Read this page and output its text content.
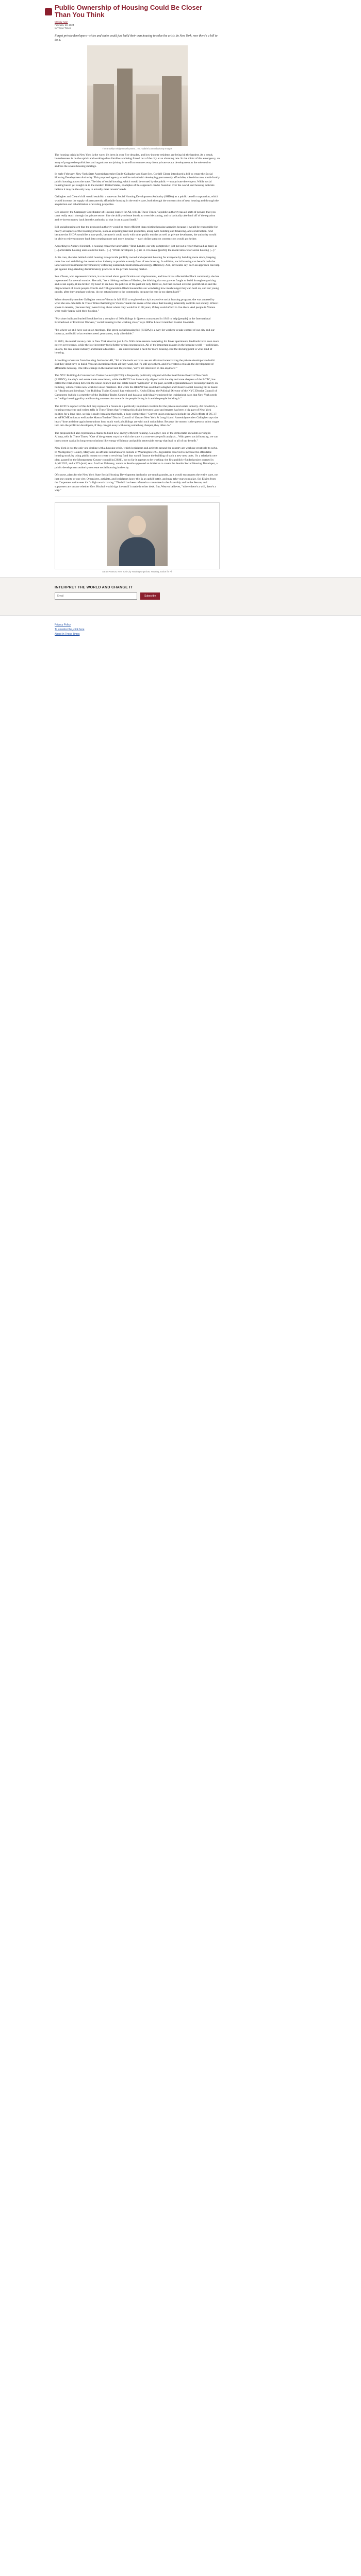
Public Ownership of Housing Could Be Closer Than You Think
Melody Iwan
February 13, 2024
In These Times

Forget private developers—cities and states could just build their own housing to solve the crisis. In New York, now there's a bill to do it.

The Brooklyn Bridge Development... etc. Gabriel Lumumba/Getty Images

The housing crisis in New York is the worst it's been in over five decades, and low-income residents are being hit the hardest. As a result, homelessness is on the uptick and working-class families are being forced out of the city at an alarming rate. In the midst of this emergency, an array of progressive politicians and organizers are joining in an effort to move away from private sector development as the sole tool to address the severe housing shortage.

In early February, New York State Assemblymember Emily Gallagher and State Sen. Cordell Cleare introduced a bill to create the Social Housing Development Authority. This proposed agency would be tasked with developing permanently affordable, mixed-income, multi-family public housing across the state. The idea of social housing, which would be owned by the public — not private developers. While social housing hasn't yet caught on in the modern United States, examples of this approach can be found all over the world, and housing activists believe it may be the only way to actually meet tenants' needs.

Gallagher and Cleare's bill would establish a state-run Social Housing Development Authority (SHDA) as a public benefit corporation, which would increase the supply of permanently affordable housing in the entire state, both through the construction of new housing and through the acquisition and rehabilitation of existing properties.

Cea Weaver, the Campaign Coordinator of Housing Justice for All, tells In These Times, "a public authority has all sorts of powers that you can't really reach through the private sector: like the ability to issue bonds, to override zoning, and to basically take land off of the equation and re-invest money back into the authority so that it can expand itself."

Bill socialhousing.org that the proposed authority would be more efficient than existing housing agencies because it would be responsible for nearly all aspects of the housing process, such as acquiring land and properties, along with building and financing, and construction. And because the SHDA would be a non-profit, because it could work with other public entities as well as private developers, the authority would be able to reinvest money back into creating more and more housing — each dollar spent on construction would go further.

According to Andrew Heinrich, a housing researcher and writer, "Brad Lander, our city comptroller, just put out a report that said as many as [...] affordable housing units could be built... [...] "While developers [...] are in it to make [profit], the model allows for social housing [...]."

At its core, the idea behind social housing is to provide publicly owned and operated housing for everyone by building more stock, keeping rents low and stabilizing the construction industry to provide a steady flow of new housing. In addition, social housing can benefit both the labor and environmental movements by enforcing sustained construction and energy efficiency. And, advocates say, such an approach can help get against long-standing discriminatory practices in the private housing market.

Sen. Cleare, who represents Harlem, is concerned about gentrification and displacement, and how it has affected the Black community she has represented for several months. She said, "As a lifelong resident of Harlem, the thinking that our parents fought to build through organizing and sweat equity, it has broken my heart to see how the policies of the past not only failed us, but fast-tracked extreme gentrification and the displacement of Black people. Fourth and fifth generation Black households are wondering how much longer they can hold on, and our young people, after they graduate college, do not return home to the community because the rent is too damn high!"

When Assemblymember Gallagher went to Vienna in fall 2022 to explore that city's extensive social housing program, she was amazed by what she saw. She tells In These Times that being in Vienna "made me aware of the sense that housing inherently controls our society. When I spoke to tenants, [because they] were living about where they would be in 40 years, if they could afford to live there. And people in Vienna were really happy with their housing."

"My sister built and buried Brookline but a complex of 30 buildings in Queens constructed in 1949 to help [people] in the International Brotherhood of Electrical Workers," social housing in the working class," says IBEW Local 3 member Ezekiel Goodrich.

"It's where we still have our union meetings. The green social housing bill [SHDA] is a way for workers to take control of our city and our industry, and build what workers need: permanent, truly affordable."

In 2023, the rental vacancy rate in New York stood at just 1.4%. With more renters competing for fewer apartments, landlords have even more power over tenants, while the low inventory fuels further urban concentration. All of the important players in the housing world — politicians, unions, the real estate industry and tenant advocates — are united around a need for more housing. But the sticking point is what kind of housing.

According to Weaver from Housing Justice for All, "All of the tools we have use are all about incentivizing the private developers to build. But they don't have to build. You can incentivize them all they want, but it's still up to them, and it's created a crisis in the development of affordable housing. One little change in the market and they're like, 'we're not interested in this anymore.'"

The NYC Building & Construction Trades Council (BCTC) is frequently politically aligned with the Real Estate Board of New York (REBNY), the city's real estate trade association, while the BCTC has historically aligned with the city and state chapters of the BCTC, has called the relationship between the union council and real estate board "symbiotic" in the past, as both organizations are focused primarily on building, which creates new work for union members. But while the REBNY has said that Gallagher and Cleare's social housing bill is based in "idealism and ideology," the Building Trades Council has embraced it. Kevin Elkins, the Political Director of the NYC District Council of Carpenters (which is a member of the Building Trades Council and has also individually endorsed the legislation), says that New York needs to "realign housing policy and housing construction towards the people living in it and the people building it."

The BCTC's support of this bill may represent a fissure in a politically important coalition for the private real estate industry. Ari Goodrich, a housing researcher and writer, tells In These Times that "creating this divide between labor and tenants has been a big part of New York politics for a long time, so this is really breaking that mold, a huge competitive." Current union endeavors include the 2023 efforts of DC 37, an AFSCME union as well as the Mason Tenders' District Council of Greater New York & Long Island. Assemblymember Gallagher says she hears "time and time again from unions how much work a buildings are with such union labor. Because the money is the quest so union wages into into the profit for developers, if they can get away with using something cheaper, they often do."

The proposed bill also represents a chance to build new, energy efficient housing. Gallagher, one of the democratic socialists serving in Albany, tells In These Times, "One of the greatest ways in which the state is a cost-versus-profit analysis... With green social housing, we can invest more capital in long-term solutions like energy efficiency and public renewable energy that lead to all of our benefit."

New York is not the only one dealing with a housing crisis, which legislators and activists around the country are working creatively to solve. In Montgomery County, Maryland, an affluent suburban area outside of Washington D.C., legislators resolved to increase the affordable housing stock by using public money to create a revolving fund that would finance the building of such a new new units. It's a relatively new plan, passed by the Montgomery County council in [2021], but so far it appears to be working: the first publicly-funded project opened in April 2023, and a 273-[unit] seat. And last February, voters in Seattle approved an initiative to create the Seattle Social Housing Developer, a public development authority to create social housing in the city.

Of course, plans for the New York State Social Housing Development Authority are much grander, as it would encompass the entire state, not just one county or one city. Organizers, activists, and legislators know this is an uphill battle, and may take years to realize. Sol Elkins from the Carpenters union sees it's "a fight worth having." The bill has been referred to committee in the Assembly and in the Senate, and supporters are unsure whether Gov. Hochul would sign it even if it made it to her desk. But, Weaver believes, "where there's a will, there's a way."

Sarah Pearson, New York City Housing Organizer, Housing Justice for All
INTERPRET THE WORLD AND CHANGE IT
Email
Subscribe
Privacy Policy
To unsubscribe, click here
About In These Times
